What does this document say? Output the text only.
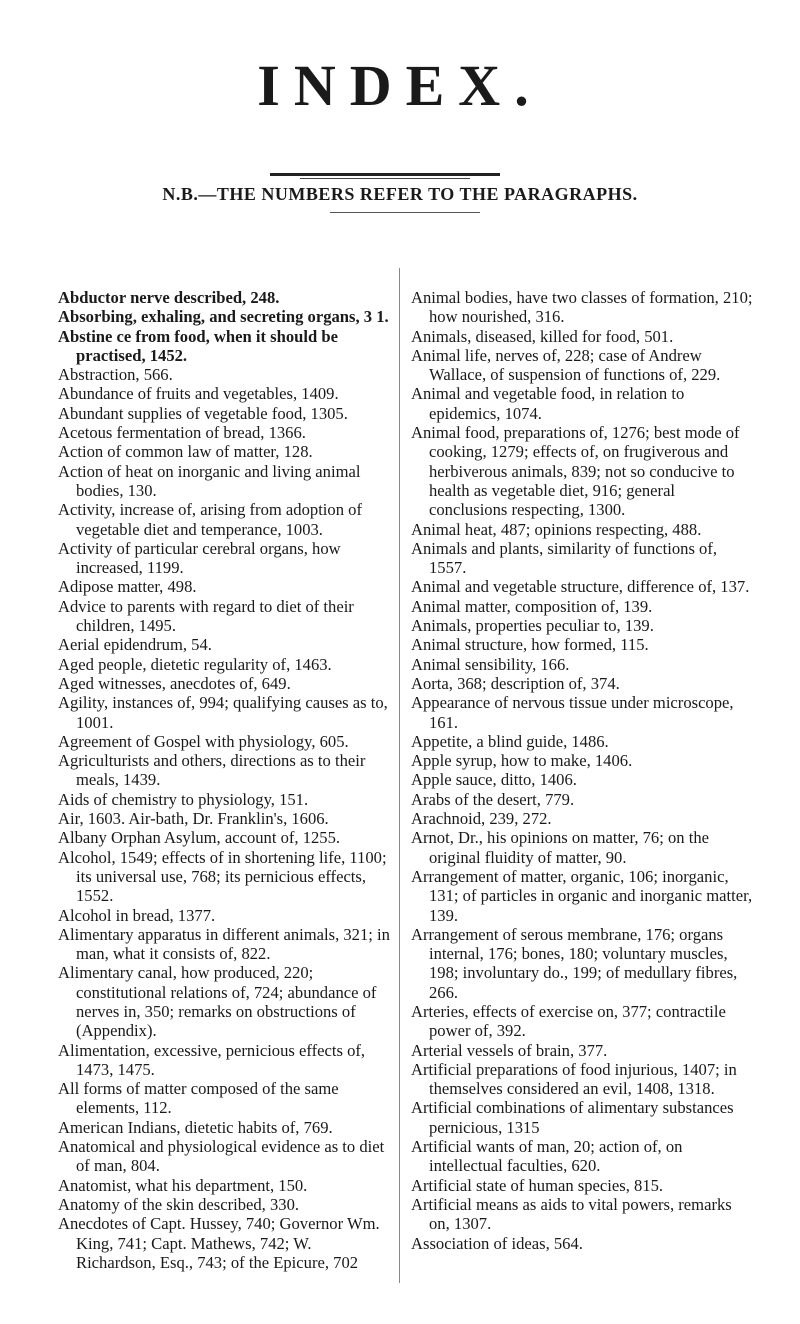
INDEX.
N.B.—THE NUMBERS REFER TO THE PARAGRAPHS.

Abductor nerve described, 248.

Absorbing, exhaling, and secreting organs, 3 1.

Abstine ce from food, when it should be practised, 1452.

Abstraction, 566.

Abundance of fruits and vegetables, 1409.

Abundant supplies of vegetable food, 1305.

Acetous fermentation of bread, 1366.

Action of common law of matter, 128.

Action of heat on inorganic and living animal bodies, 130.

Activity, increase of, arising from adoption of vegetable diet and temperance, 1003.

Activity of particular cerebral organs, how increased, 1199.

Adipose matter, 498.

Advice to parents with regard to diet of their children, 1495.

Aerial epidendrum, 54.

Aged people, dietetic regularity of, 1463.

Aged witnesses, anecdotes of, 649.

Agility, instances of, 994; qualifying causes as to, 1001.

Agreement of Gospel with physiology, 605.

Agriculturists and others, directions as to their meals, 1439.

Aids of chemistry to physiology, 151.

Air, 1603. Air-bath, Dr. Franklin's, 1606.

Albany Orphan Asylum, account of, 1255.

Alcohol, 1549; effects of in shortening life, 1100; its universal use, 768; its pernicious effects, 1552.

Alcohol in bread, 1377.

Alimentary apparatus in different animals, 321; in man, what it consists of, 822.

Alimentary canal, how produced, 220; constitutional relations of, 724; abundance of nerves in, 350; remarks on obstructions of (Appendix).

Alimentation, excessive, pernicious effects of, 1473, 1475.

All forms of matter composed of the same elements, 112.

American Indians, dietetic habits of, 769.

Anatomical and physiological evidence as to diet of man, 804.

Anatomist, what his department, 150.

Anatomy of the skin described, 330.

Anecdotes of Capt. Hussey, 740; Governor Wm. King, 741; Capt. Mathews, 742; W. Richardson, Esq., 743; of the Epicure, 702

Animal bodies, have two classes of formation, 210; how nourished, 316.

Animals, diseased, killed for food, 501.

Animal life, nerves of, 228; case of Andrew Wallace, of suspension of functions of, 229.

Animal and vegetable food, in relation to epidemics, 1074.

Animal food, preparations of, 1276; best mode of cooking, 1279; effects of, on frugiverous and herbiverous animals, 839; not so conducive to health as vegetable diet, 916; general conclusions respecting, 1300.

Animal heat, 487; opinions respecting, 488.

Animals and plants, similarity of functions of, 1557.

Animal and vegetable structure, difference of, 137.

Animal matter, composition of, 139.

Animals, properties peculiar to, 139.

Animal structure, how formed, 115.

Animal sensibility, 166.

Aorta, 368; description of, 374.

Appearance of nervous tissue under microscope, 161.

Appetite, a blind guide, 1486.

Apple syrup, how to make, 1406.

Apple sauce, ditto, 1406.

Arabs of the desert, 779.

Arachnoid, 239, 272.

Arnot, Dr., his opinions on matter, 76; on the original fluidity of matter, 90.

Arrangement of matter, organic, 106; inorganic, 131; of particles in organic and inorganic matter, 139.

Arrangement of serous membrane, 176; organs internal, 176; bones, 180; voluntary muscles, 198; involuntary do., 199; of medullary fibres, 266.

Arteries, effects of exercise on, 377; contractile power of, 392.

Arterial vessels of brain, 377.

Artificial preparations of food injurious, 1407; in themselves considered an evil, 1408, 1318.

Artificial combinations of alimentary substances pernicious, 1315

Artificial wants of man, 20; action of, on intellectual faculties, 620.

Artificial state of human species, 815.

Artificial means as aids to vital powers, remarks on, 1307.

Association of ideas, 564.
